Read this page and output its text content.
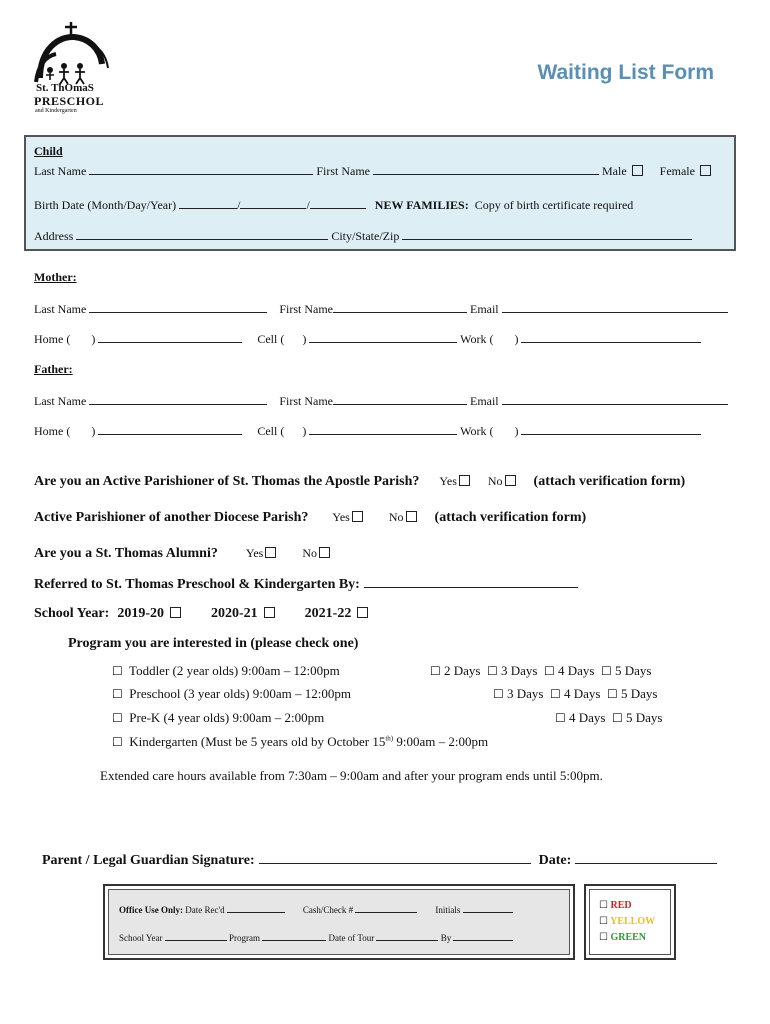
St. ThOmaS
PRESCHOL
and Kindergarten
Waiting List Form
Child
Last Name	First Name	Male	Female
Birth Date (Month/Day/Year)	/	/	NEW FAMILIES: Copy of birth certificate required
Address	City/State/Zip
Mother:
Last Name	First Name	Email
Home ( )	Cell ( )	Work ( )
Father:
Last Name	First Name	Email
Home ( )	Cell ( )	Work ( )
Are you an Active Parishioner of St. Thomas the Apostle Parish? Yes	No (attach verification form)
Active Parishioner of another Diocese Parish? Yes	No (attach verification form)
Are you a St. Thomas Alumni? Yes	No
Referred to St. Thomas Preschool & Kindergarten By:
School Year: 2019-20	2020-21	2021-22
Program you are interested in (please check one)
☐ Toddler (2 year olds) 9:00am – 12:00pm	☐ 2 Days ☐ 3 Days ☐ 4 Days ☐ 5 Days
☐ Preschool (3 year olds) 9:00am – 12:00pm	☐ 3 Days ☐ 4 Days ☐ 5 Days
☐ Pre-K (4 year olds) 9:00am – 2:00pm	☐ 4 Days ☐ 5 Days
☐ Kindergarten (Must be 5 years old by October $15^{th)}$ 9:00am – 2:00pm
Extended care hours available from 7:30am – 9:00am and after your program ends until 5:00pm.
Parent / Legal Guardian Signature:	Date:
Office Use Only: Date Rec'd	Cash/Check #	Initials
School Year	Program	Date of Tour	By
☐ RED
☐ YELLOW
☐ GREEN
